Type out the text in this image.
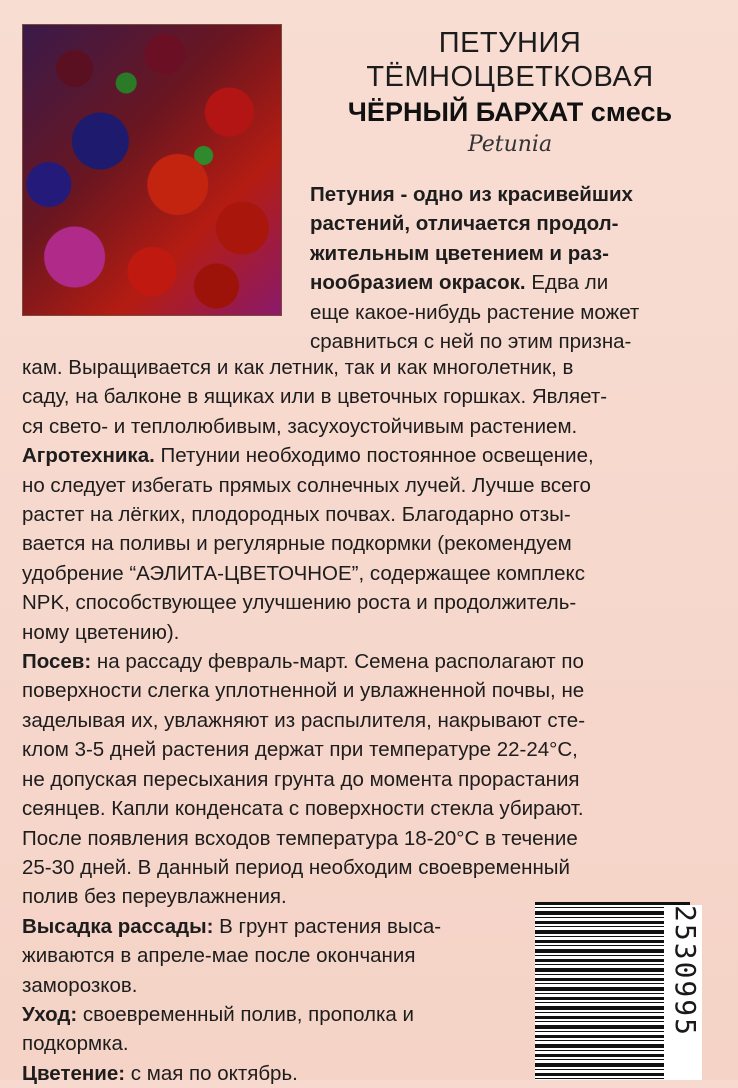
ПЕТУНИЯ
ТЁМНОЦВЕТКОВАЯ
ЧЁРНЫЙ БАРХАТ смесь
Petunia
Петуния - одно из красивейших
растений, отличается продол-
жительным цветением и раз-
нообразием окрасок. Едва ли
еще какое-нибудь растение может
сравниться с ней по этим призна-
кам. Выращивается и как летник, так и как многолетник, в
саду, на балконе в ящиках или в цветочных горшках. Являет-
ся свето- и теплолюбивым, засухоустойчивым растением.
Агротехника. Петунии необходимо постоянное освещение,
но следует избегать прямых солнечных лучей. Лучше всего
растет на лёгких, плодородных почвах. Благодарно отзы-
вается на поливы и регулярные подкормки (рекомендуем
удобрение “АЭЛИТА-ЦВЕТОЧНОЕ”, содержащее комплекс
NPK, способствующее улучшению роста и продолжитель-
ному цветению).
Посев: на рассаду февраль-март. Семена располагают по
поверхности слегка уплотненной и увлажненной почвы, не
заделывая их, увлажняют из распылителя, накрывают сте-
клом 3-5 дней растения держат при температуре 22-24°C,
не допуская пересыхания грунта до момента прорастания
сеянцев. Капли конденсата с поверхности стекла убирают.
После появления всходов температура 18-20°C в течение
25-30 дней. В данный период необходим своевременный
полив без переувлажнения.
Высадка рассады: В грунт растения выса-
живаются в апреле-мае после окончания
заморозков.
Уход: своевременный полив, прополка и
подкормка.
Цветение: с мая по октябрь.
2530995
